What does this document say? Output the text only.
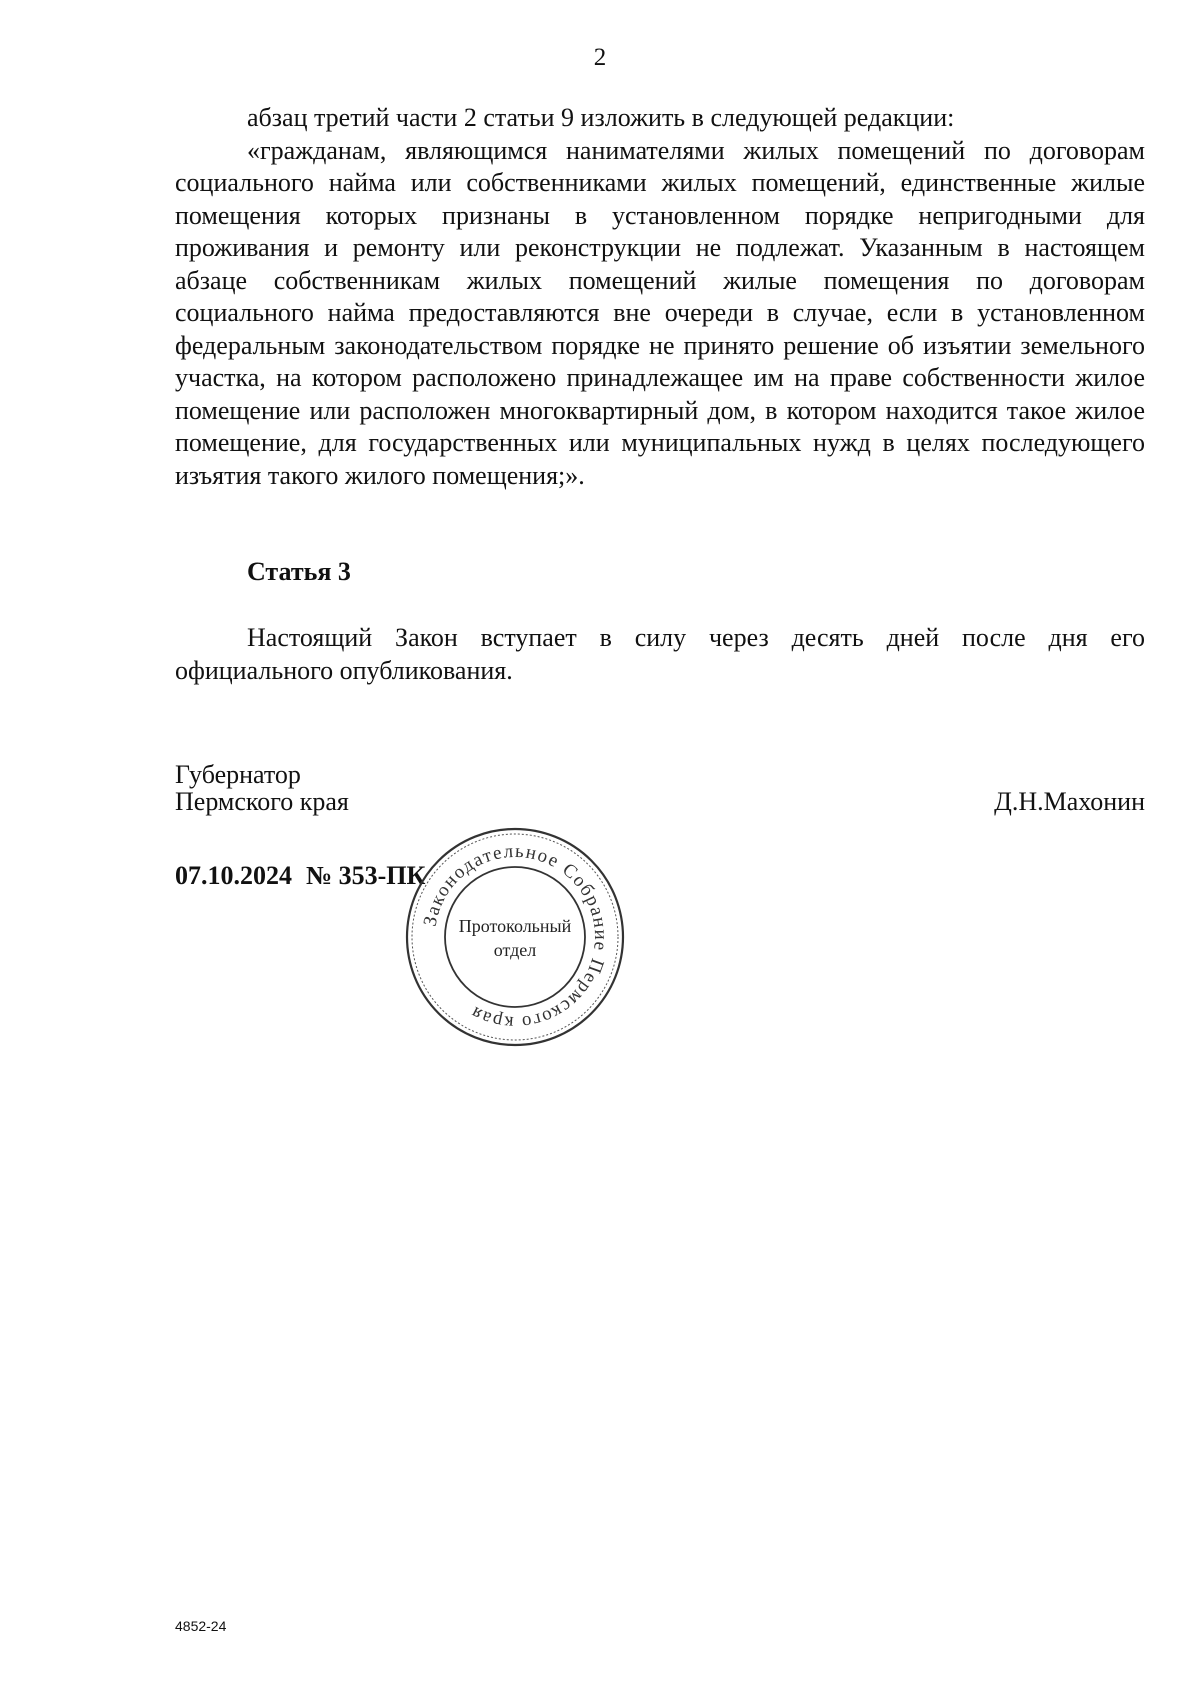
2

абзац третий части 2 статьи 9 изложить в следующей редакции:

«гражданам, являющимся нанимателями жилых помещений по договорам социального найма или собственниками жилых помещений, единственные жилые помещения которых признаны в установленном порядке непригодными для проживания и ремонту или реконструкции не подлежат. Указанным в настоящем абзаце собственникам жилых помещений жилые помещения по договорам социального найма предоставляются вне очереди в случае, если в установленном федеральным законодательством порядке не принято решение об изъятии земельного участка, на котором расположено принадлежащее им на праве собственности жилое помещение или расположен многоквартирный дом, в котором находится такое жилое помещение, для государственных или муниципальных нужд в целях последующего изъятия такого жилого помещения;».

Статья 3

Настоящий Закон вступает в силу через десять дней после дня его официального опубликования.

Губернатор
Пермского края	Д.Н.Махонин
07.10.2024 № 353-ПК
Законодательное Собрание Пермского края
Протокольный
отдел
4852-24
